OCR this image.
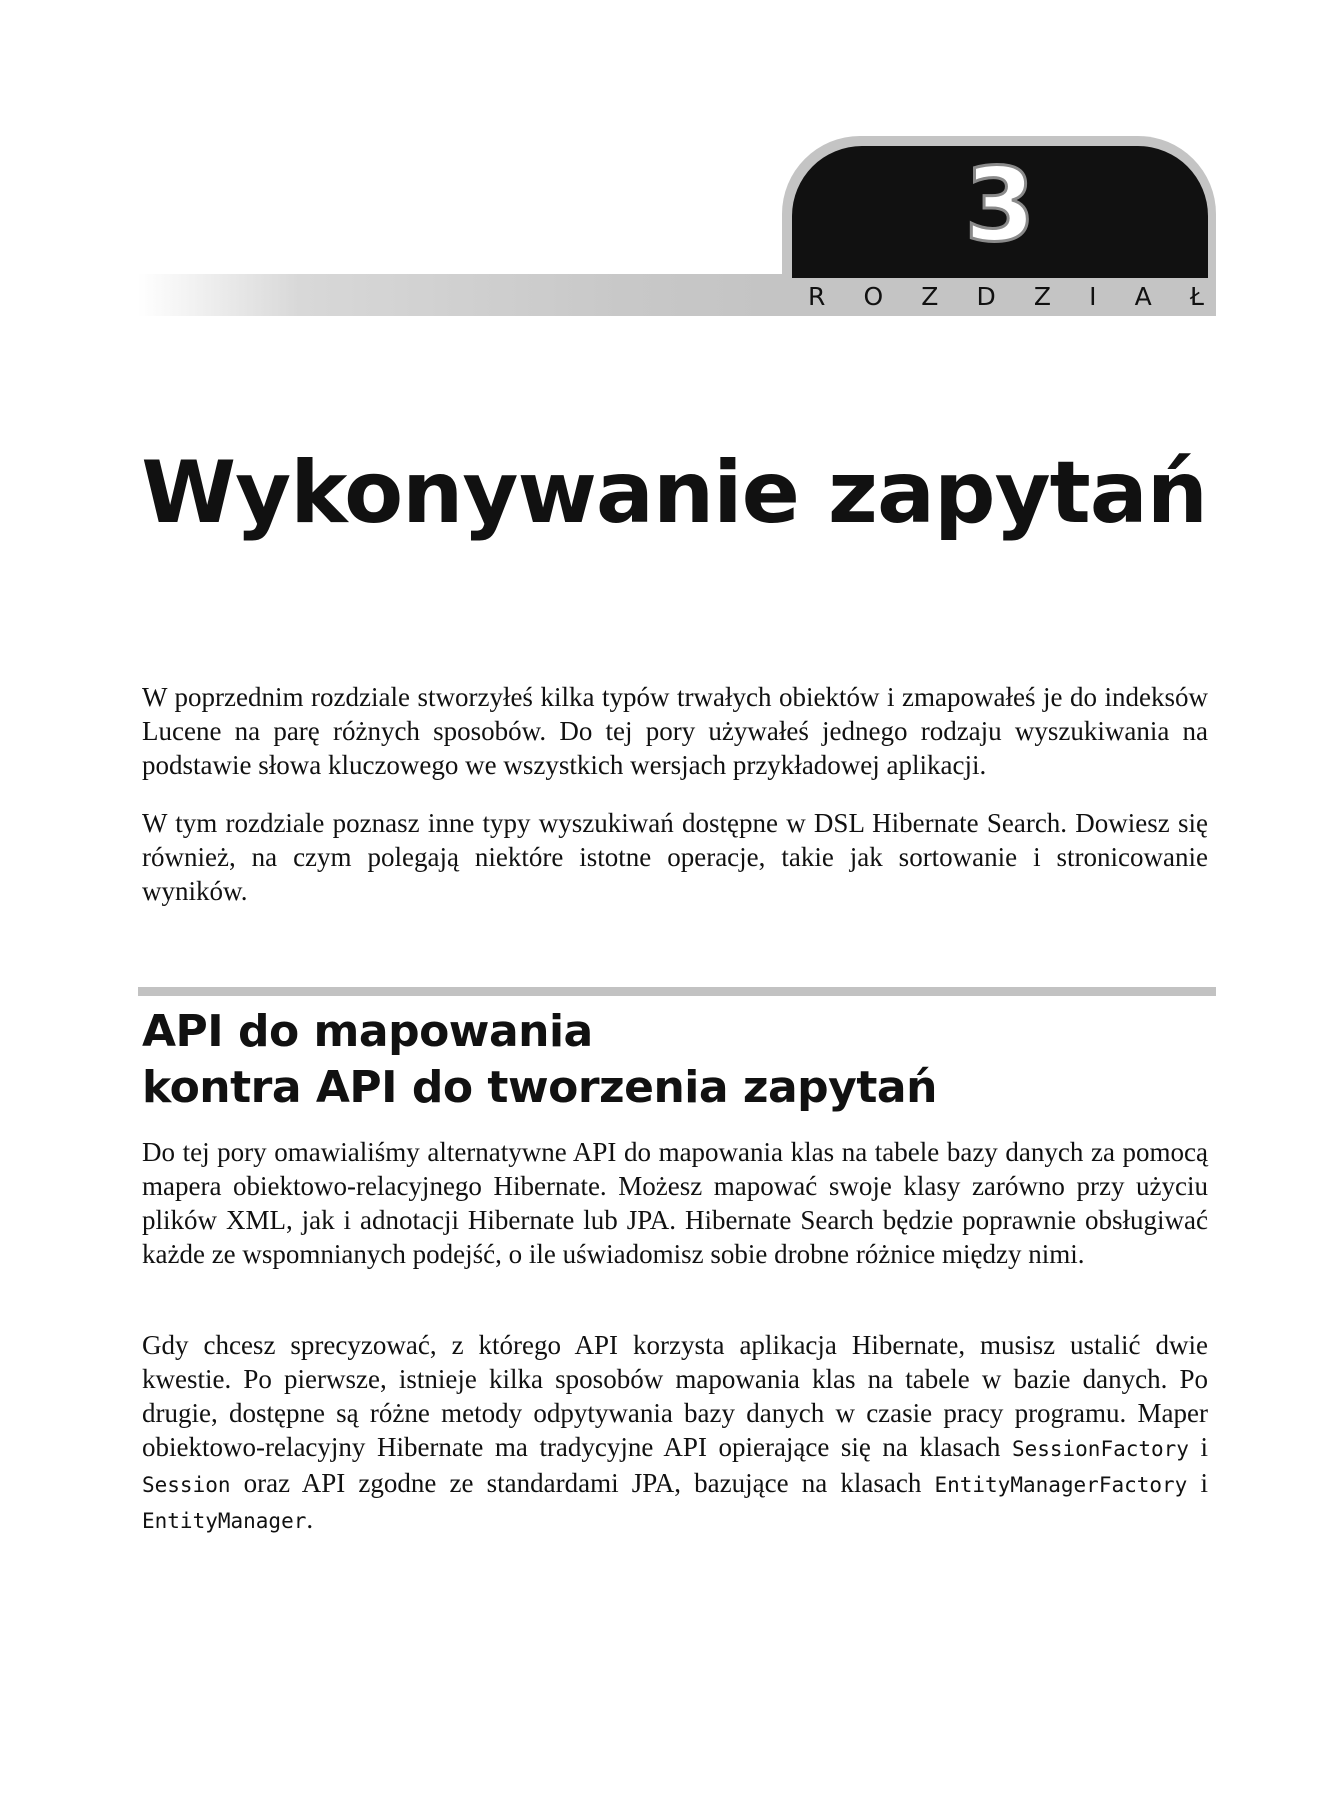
3
R O Z D Z I A Ł
Wykonywanie zapytań

W poprzednim rozdziale stworzyłeś kilka typów trwałych obiektów i zmapowałeś je do indeksów Lucene na parę różnych sposobów. Do tej pory używałeś jednego rodzaju wyszukiwania na podstawie słowa kluczowego we wszystkich wersjach przykładowej aplikacji.

W tym rozdziale poznasz inne typy wyszukiwań dostępne w DSL Hibernate Search. Dowiesz się również, na czym polegają niektóre istotne operacje, takie jak sortowanie i stronicowanie wyników.

API do mapowania
kontra API do tworzenia zapytań

Do tej pory omawialiśmy alternatywne API do mapowania klas na tabele bazy danych za pomocą mapera obiektowo-relacyjnego Hibernate. Możesz mapować swoje klasy zarówno przy użyciu plików XML, jak i adnotacji Hibernate lub JPA. Hibernate Search będzie poprawnie obsługiwać każde ze wspomnianych podejść, o ile uświadomisz sobie drobne różnice między nimi.

Gdy chcesz sprecyzować, z którego API korzysta aplikacja Hibernate, musisz ustalić dwie kwestie. Po pierwsze, istnieje kilka sposobów mapowania klas na tabele w bazie danych. Po drugie, dostępne są różne metody odpytywania bazy danych w czasie pracy programu. Maper obiektowo-relacyjny Hibernate ma tradycyjne API opierające się na klasach SessionFactory i Session oraz API zgodne ze standardami JPA, bazujące na klasach EntityManagerFactory i EntityManager.
